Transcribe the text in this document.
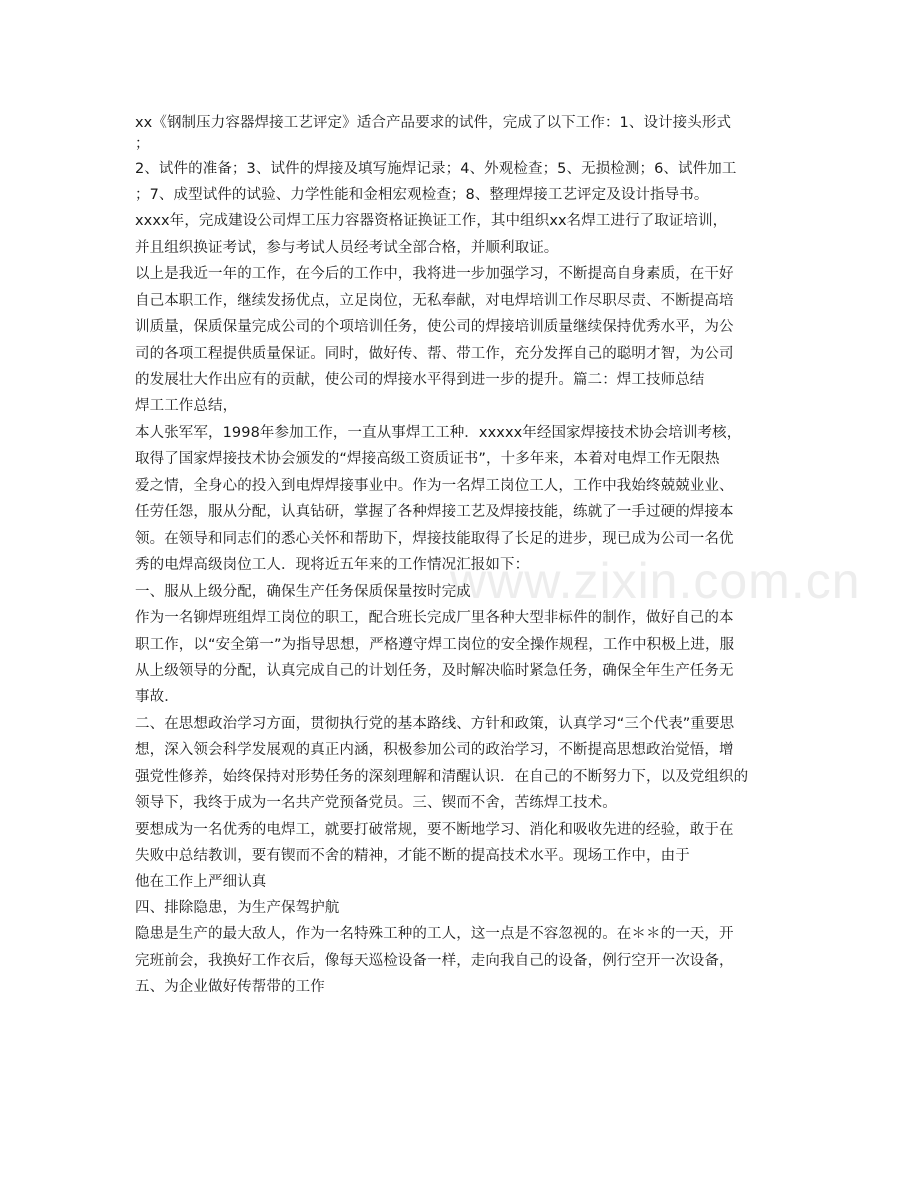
www.zixin.com.cn
xx《钢制压力容器焊接工艺评定》适合产品要求的试件，完成了以下工作：1、设计接头形式
；
2、试件的准备；3、试件的焊接及填写施焊记录；4、外观检查；5、无损检测；6、试件加工
；7、成型试件的试验、力学性能和金相宏观检查；8、整理焊接工艺评定及设计指导书。
xxxx年，完成建设公司焊工压力容器资格证换证工作，其中组织xx名焊工进行了取证培训，
并且组织换证考试，参与考试人员经考试全部合格，并顺利取证。
以上是我近一年的工作，在今后的工作中，我将进一步加强学习，不断提高自身素质，在干好
自己本职工作，继续发扬优点，立足岗位，无私奉献，对电焊培训工作尽职尽责、不断提高培
训质量，保质保量完成公司的个项培训任务，使公司的焊接培训质量继续保持优秀水平，为公
司的各项工程提供质量保证。同时，做好传、帮、带工作，充分发挥自己的聪明才智，为公司
的发展壮大作出应有的贡献，使公司的焊接水平得到进一步的提升。篇二：焊工技师总结
焊工工作总结，
本人张军军，1998年参加工作，一直从事焊工工种．xxxxx年经国家焊接技术协会培训考核，
取得了国家焊接技术协会颁发的“焊接高级工资质证书”，十多年来，本着对电焊工作无限热
爱之情，全身心的投入到电焊焊接事业中。作为一名焊工岗位工人，工作中我始终兢兢业业、
任劳任怨，服从分配，认真钻研，掌握了各种焊接工艺及焊接技能，练就了一手过硬的焊接本
领。在领导和同志们的悉心关怀和帮助下，焊接技能取得了长足的进步，现已成为公司一名优
秀的电焊高级岗位工人．现将近五年来的工作情况汇报如下：
一、服从上级分配，确保生产任务保质保量按时完成
作为一名铆焊班组焊工岗位的职工，配合班长完成厂里各种大型非标件的制作，做好自己的本
职工作，以“安全第一”为指导思想，严格遵守焊工岗位的安全操作规程，工作中积极上进，服
从上级领导的分配，认真完成自己的计划任务，及时解决临时紧急任务，确保全年生产任务无
事故．
二、在思想政治学习方面，贯彻执行党的基本路线、方针和政策，认真学习“三个代表”重要思
想，深入领会科学发展观的真正内涵，积极参加公司的政治学习，不断提高思想政治觉悟，增
强党性修养，始终保持对形势任务的深刻理解和清醒认识．在自己的不断努力下，以及党组织的
领导下，我终于成为一名共产党预备党员。三、锲而不舍，苦练焊工技术。
要想成为一名优秀的电焊工，就要打破常规，要不断地学习、消化和吸收先进的经验，敢于在
失败中总结教训，要有锲而不舍的精神，才能不断的提高技术水平。现场工作中，由于
他在工作上严细认真
四、排除隐患，为生产保驾护航
隐患是生产的最大敌人，作为一名特殊工种的工人，这一点是不容忽视的。在＊＊的一天，开
完班前会，我换好工作衣后，像每天巡检设备一样，走向我自己的设备，例行空开一次设备，
五、为企业做好传帮带的工作
